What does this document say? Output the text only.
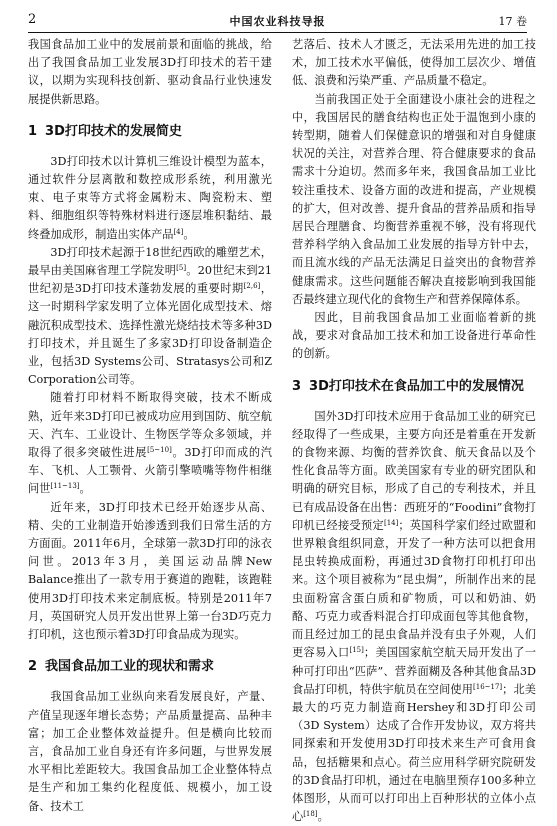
2	中国农业科技导报	17 卷

我国食品加工业中的发展前景和面临的挑战，给出了我国食品加工业发展3D打印技术的若干建议，以期为实现科技创新、驱动食品行业快速发展提供新思路。

1 3D打印技术的发展简史

3D打印技术以计算机三维设计模型为蓝本，通过软件分层离散和数控成形系统，利用激光束、电子束等方式将金属粉末、陶瓷粉末、塑料、细胞组织等特殊材料进行逐层堆积黏结、最终叠加成形，制造出实体产品[4]。

3D打印技术起源于18世纪西欧的雕塑艺术，最早由美国麻省理工学院发明[5]。20世纪末到21世纪初是3D打印技术蓬勃发展的重要时期[2,6]，这一时期科学家发明了立体光固化成型技术、熔融沉积成型技术、选择性激光烧结技术等多种3D打印技术，并且诞生了多家3D打印设备制造企业，包括3D Systems公司、Stratasys公司和Z Corporation公司等。

随着打印材料不断取得突破，技术不断成熟，近年来3D打印已被成功应用到国防、航空航天、汽车、工业设计、生物医学等众多领域，并取得了很多突破性进展[5~10]。3D打印而成的汽车、飞机、人工颚骨、火箭引擎喷嘴等物件相继问世[11~13]。

近年来，3D打印技术已经开始逐步从高、精、尖的工业制造开始渗透到我们日常生活的方方面面。2011年6月，全球第一款3D打印的泳衣问世。2013年3月，美国运动品牌New Balance推出了一款专用于赛道的跑鞋，该跑鞋使用3D打印技术来定制底板。特别是2011年7月，英国研究人员开发出世界上第一台3D巧克力打印机，这也预示着3D打印食品成为现实。

2 我国食品加工业的现状和需求

我国食品加工业纵向来看发展良好，产量、产值呈现逐年增长态势；产品质量提高、品种丰富；加工企业整体效益提升。但是横向比较而言，食品加工业自身还有许多问题，与世界发展水平相比差距较大。我国食品加工企业整体特点是生产和加工集约化程度低、规模小，加工设备、技术工

艺落后、技术人才匮乏，无法采用先进的加工技术，加工技术水平偏低，使得加工层次少、增值低、浪费和污染严重、产品质量不稳定。

当前我国正处于全面建设小康社会的进程之中，我国居民的膳食结构也正处于温饱到小康的转型期，随着人们保健意识的增强和对自身健康状况的关注，对营养合理、符合健康要求的食品需求十分迫切。然而多年来，我国食品加工业比较注重技术、设备方面的改进和提高，产业规模的扩大，但对改善、提升食品的营养品质和指导居民合理膳食、均衡营养重视不够，没有将现代营养科学纳入食品加工业发展的指导方针中去，而且流水线的产品无法满足日益突出的食物营养健康需求。这些问题能否解决直接影响到我国能否最终建立现代化的食物生产和营养保障体系。

因此，目前我国食品加工业面临着新的挑战，要求对食品加工技术和加工设备进行革命性的创新。

3 3D打印技术在食品加工中的发展情况

国外3D打印技术应用于食品加工业的研究已经取得了一些成果，主要方向还是着重在开发新的食物来源、均衡的营养饮食、航天食品以及个性化食品等方面。欧美国家有专业的研究团队和明确的研究目标，形成了自己的专利技术，并且已有成品设备在出售：西班牙的“Foodini”食物打印机已经接受预定[14]；英国科学家们经过欧盟和世界粮食组织同意，开发了一种方法可以把食用昆虫转换成面粉，再通过3D食物打印机打印出来。这个项目被称为“昆虫焗”，所制作出来的昆虫面粉富含蛋白质和矿物质，可以和奶油、奶酪、巧克力或香料混合打印成面包等其他食物，而且经过加工的昆虫食品并没有虫子外观，人们更容易入口[15]；美国国家航空航天局开发出了一种可打印出“匹萨”、营养面糊及各种其他食品3D食品打印机，特供宇航员在空间使用[16~17]；北美最大的巧克力制造商Hershey和3D打印公司（3D System）达成了合作开发协议，双方将共同探索和开发使用3D打印技术来生产可食用食品，包括糖果和点心。荷兰应用科学研究院研发的3D食品打印机，通过在电脑里预存100多种立体图形，从而可以打印出上百种形状的立体小点心[18]。
